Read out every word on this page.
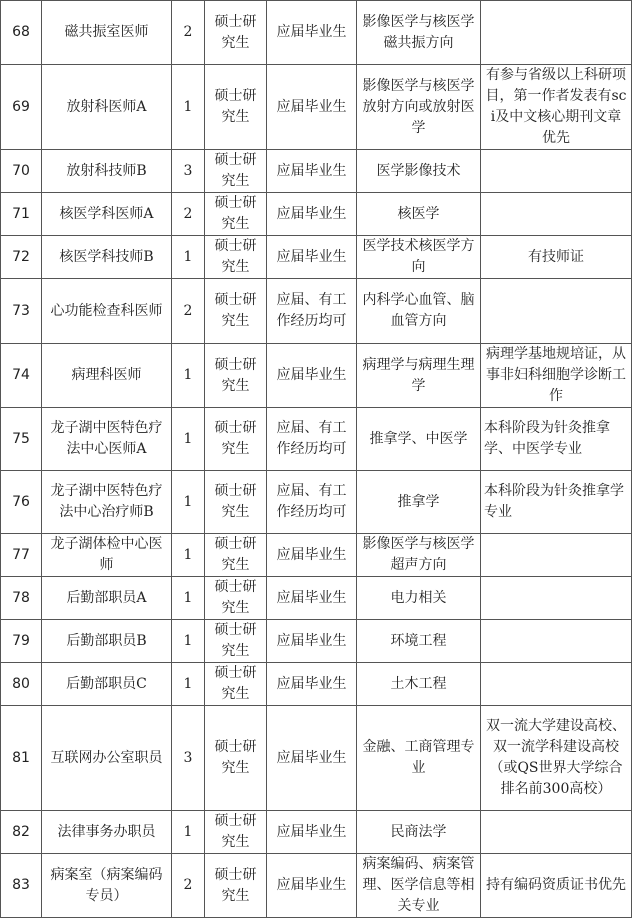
68	磁共振室医师	2	硕士研究生	应届毕业生	影像医学与核医学磁共振方向	
69	放射科医师A	1	硕士研究生	应届毕业生	影像医学与核医学放射方向或放射医学	有参与省级以上科研项目，第一作者发表有sci及中文核心期刊文章优先
70	放射科技师B	3	硕士研究生	应届毕业生	医学影像技术	
71	核医学科医师A	2	硕士研究生	应届毕业生	核医学	
72	核医学科技师B	1	硕士研究生	应届毕业生	医学技术核医学方向	有技师证
73	心功能检查科医师	2	硕士研究生	应届、有工作经历均可	内科学心血管、脑血管方向	
74	病理科医师	1	硕士研究生	应届毕业生	病理学与病理生理学	病理学基地规培证，从事非妇科细胞学诊断工作
75	龙子湖中医特色疗法中心医师A	1	硕士研究生	应届、有工作经历均可	推拿学、中医学	本科阶段为针灸推拿学、中医学专业
76	龙子湖中医特色疗法中心治疗师B	1	硕士研究生	应届、有工作经历均可	推拿学	本科阶段为针灸推拿学专业
77	龙子湖体检中心医师	1	硕士研究生	应届毕业生	影像医学与核医学超声方向	
78	后勤部职员A	1	硕士研究生	应届毕业生	电力相关	
79	后勤部职员B	1	硕士研究生	应届毕业生	环境工程	
80	后勤部职员C	1	硕士研究生	应届毕业生	土木工程	
81	互联网办公室职员	3	硕士研究生	应届毕业生	金融、工商管理专业	双一流大学建设高校、双一流学科建设高校（或QS世界大学综合排名前300高校）
82	法律事务办职员	1	硕士研究生	应届毕业生	民商法学	
83	病案室（病案编码专员）	2	硕士研究生	应届毕业生	病案编码、病案管理、医学信息等相关专业	持有编码资质证书优先
